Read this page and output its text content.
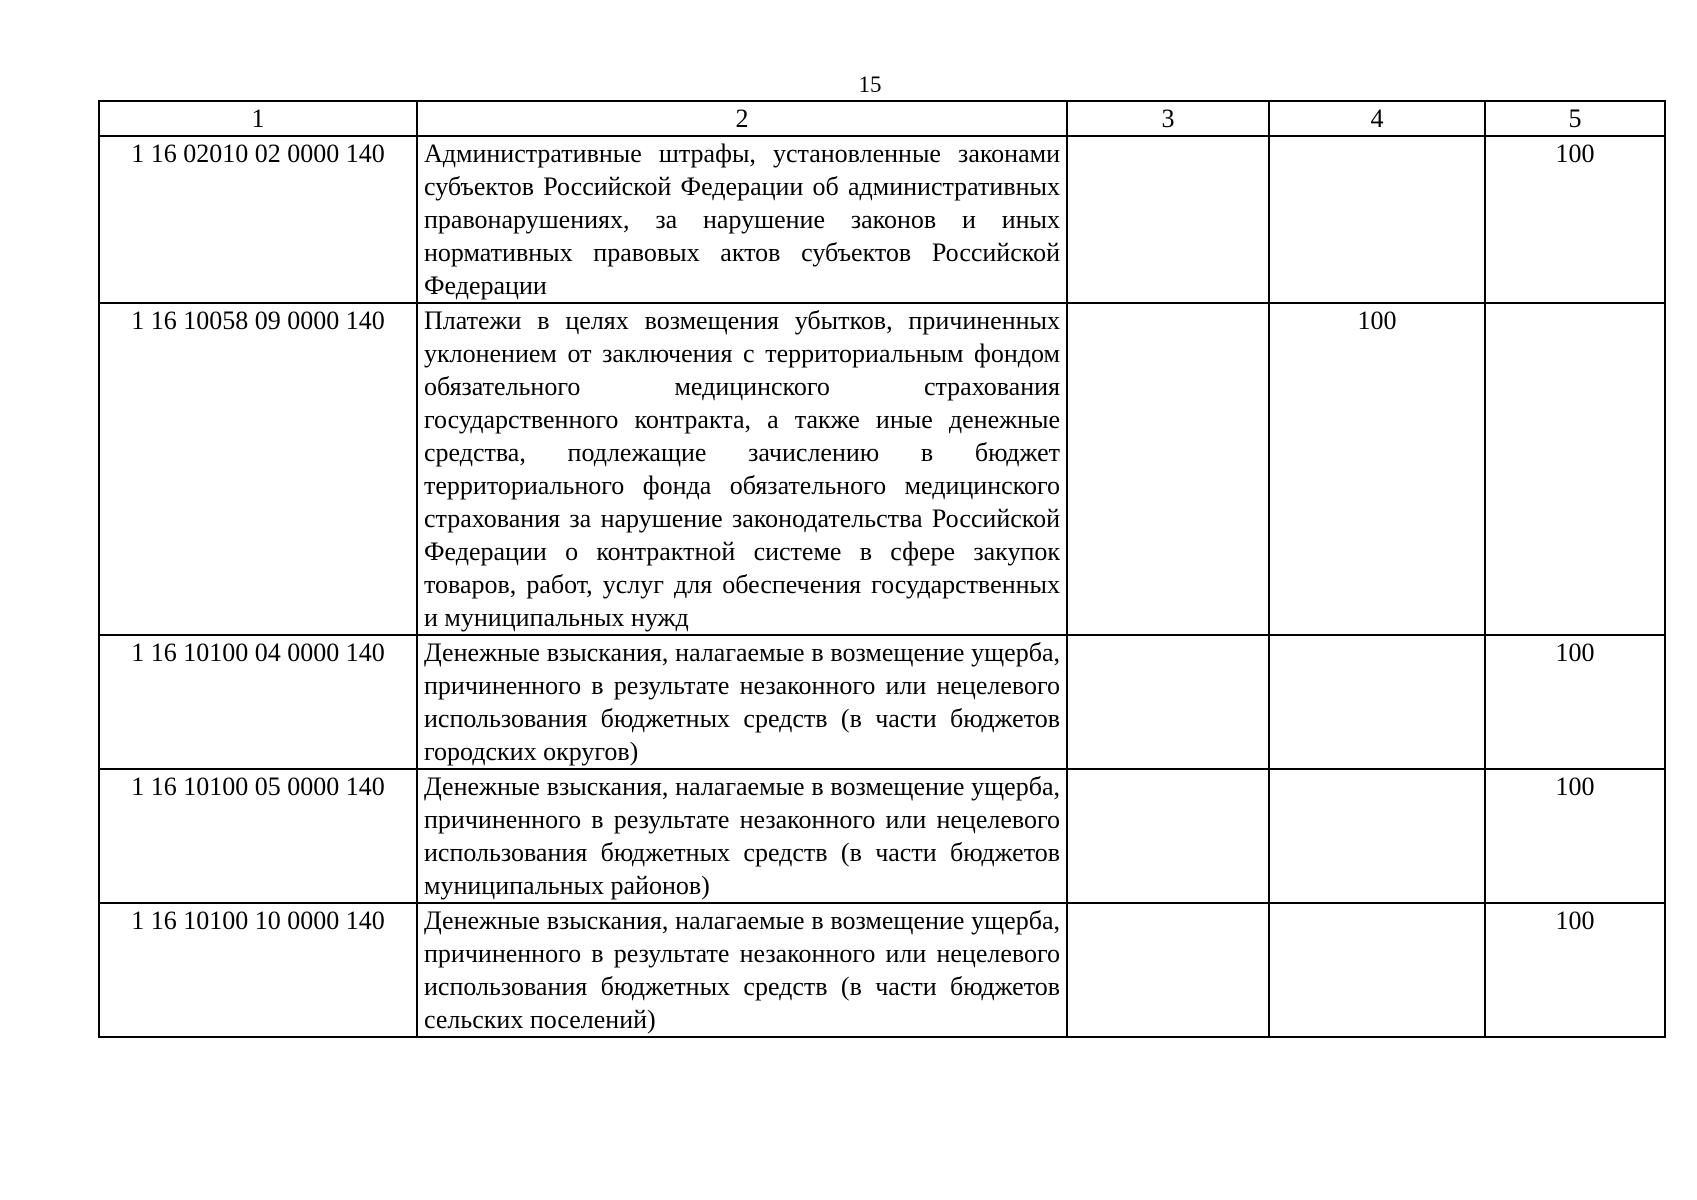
15
1	2	3	4	5
1 16 02010 02 0000 140	Административные штрафы, установленные законами субъектов Российской Федерации об административных правонарушениях, за нарушение законов и иных нормативных правовых актов субъектов Российской Федерации			100
1 16 10058 09 0000 140	Платежи в целях возмещения убытков, причиненных уклонением от заключения с территориальным фондом обязательного медицинского страхования государственного контракта, а также иные денежные средства, подлежащие зачислению в бюджет территориального фонда обязательного медицинского страхования за нарушение законодательства Российской Федерации о контрактной системе в сфере закупок товаров, работ, услуг для обеспечения государственных и муниципальных нужд		100	
1 16 10100 04 0000 140	Денежные взыскания, налагаемые в возмещение ущерба, причиненного в результате незаконного или нецелевого использования бюджетных средств (в части бюджетов городских округов)			100
1 16 10100 05 0000 140	Денежные взыскания, налагаемые в возмещение ущерба, причиненного в результате незаконного или нецелевого использования бюджетных средств (в части бюджетов муниципальных районов)			100
1 16 10100 10 0000 140	Денежные взыскания, налагаемые в возмещение ущерба, причиненного в результате незаконного или нецелевого использования бюджетных средств (в части бюджетов сельских поселений)			100
